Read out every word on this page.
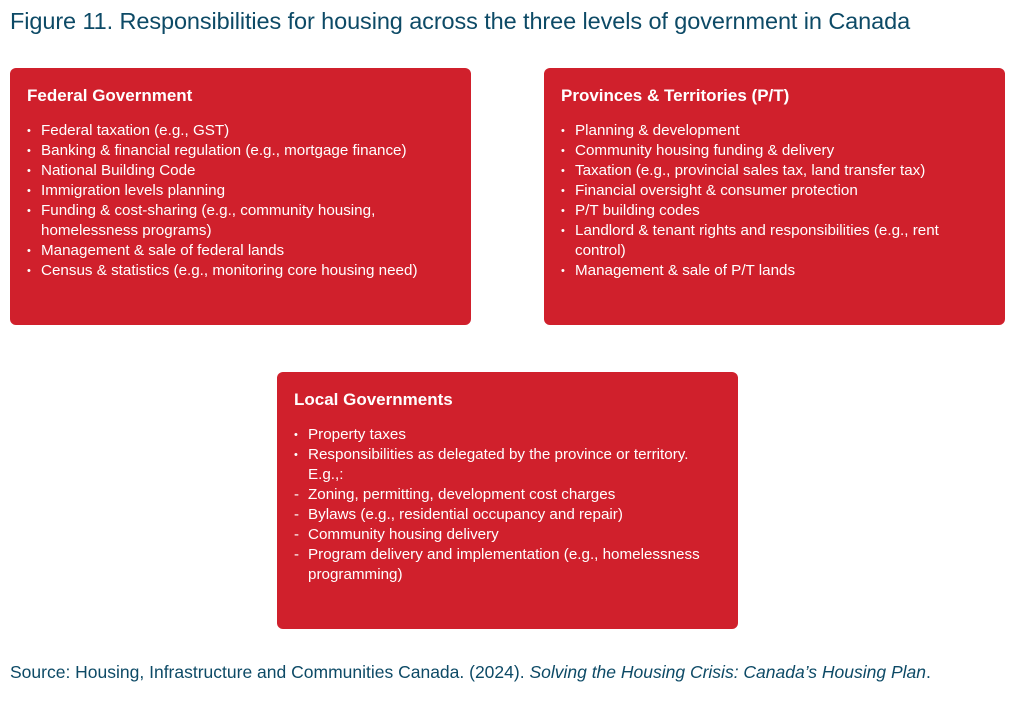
Figure 11. Responsibilities for housing across the three levels of government in Canada
Federal Government
• Federal taxation (e.g., GST)
• Banking & financial regulation (e.g., mortgage finance)
• National Building Code
• Immigration levels planning
• Funding & cost-sharing (e.g., community housing, homelessness programs)
• Management & sale of federal lands
• Census & statistics (e.g., monitoring core housing need)
Provinces & Territories (P/T)
• Planning & development
• Community housing funding & delivery
• Taxation (e.g., provincial sales tax, land transfer tax)
• Financial oversight & consumer protection
• P/T building codes
• Landlord & tenant rights and responsibilities (e.g., rent control)
• Management & sale of P/T lands
Local Governments
• Property taxes
• Responsibilities as delegated by the province or territory. E.g.,:
- Zoning, permitting, development cost charges
- Bylaws (e.g., residential occupancy and repair)
- Community housing delivery
- Program delivery and implementation (e.g., homelessness programming)

Source: Housing, Infrastructure and Communities Canada. (2024). Solving the Housing Crisis: Canada’s Housing Plan.
